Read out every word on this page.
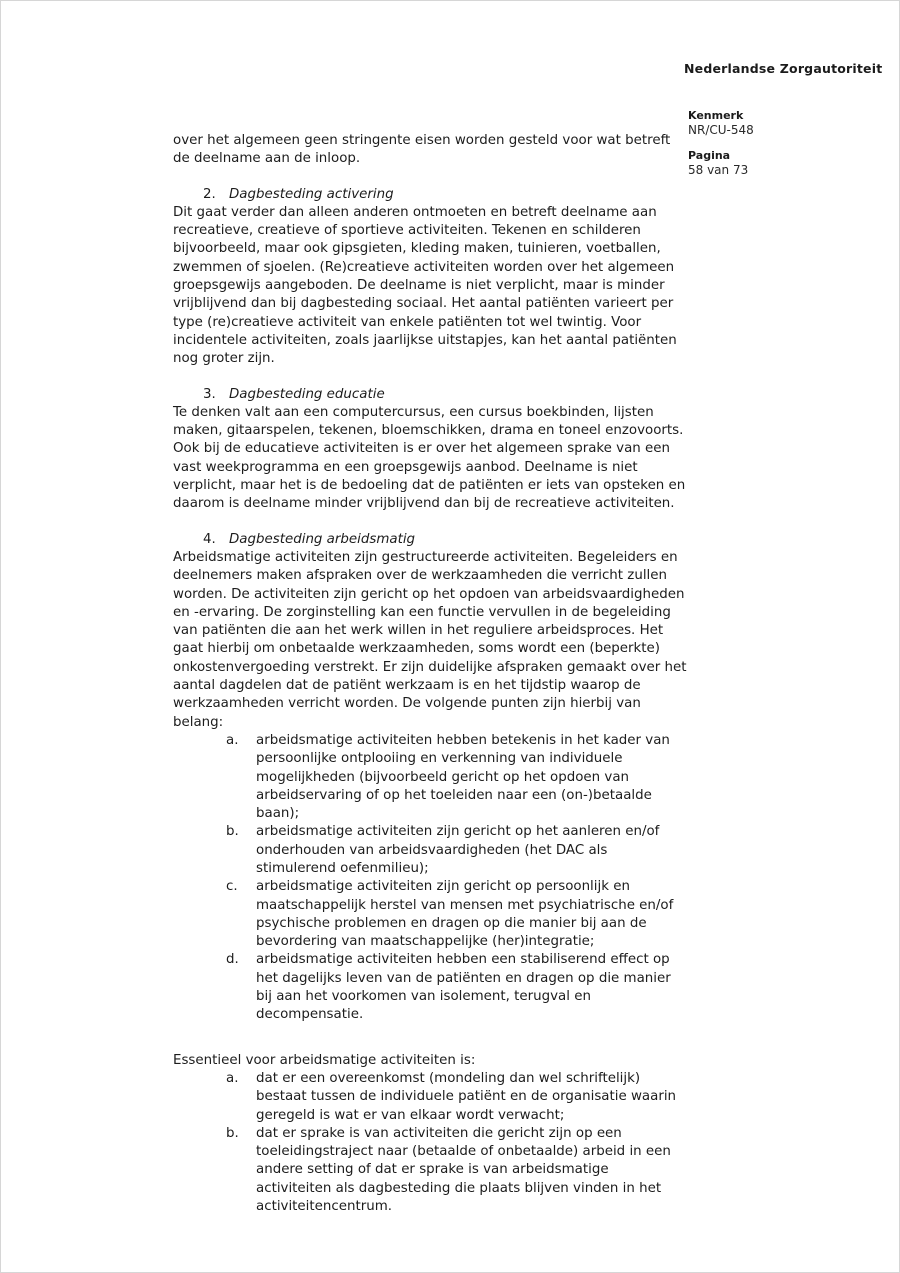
Nederlandse Zorgautoriteit
Kenmerk
NR/CU-548
Pagina
58 van 73

over het algemeen geen stringente eisen worden gesteld voor wat betreft de deelname aan de inloop.

2. Dagbesteding activering

Dit gaat verder dan alleen anderen ontmoeten en betreft deelname aan recreatieve, creatieve of sportieve activiteiten. Tekenen en schilderen bijvoorbeeld, maar ook gipsgieten, kleding maken, tuinieren, voetballen, zwemmen of sjoelen. (Re)creatieve activiteiten worden over het algemeen groepsgewijs aangeboden. De deelname is niet verplicht, maar is minder vrijblijvend dan bij dagbesteding sociaal. Het aantal patiënten varieert per type (re)creatieve activiteit van enkele patiënten tot wel twintig. Voor incidentele activiteiten, zoals jaarlijkse uitstapjes, kan het aantal patiënten nog groter zijn.

3. Dagbesteding educatie

Te denken valt aan een computercursus, een cursus boekbinden, lijsten maken, gitaarspelen, tekenen, bloemschikken, drama en toneel enzovoorts. Ook bij de educatieve activiteiten is er over het algemeen sprake van een vast weekprogramma en een groepsgewijs aanbod. Deelname is niet verplicht, maar het is de bedoeling dat de patiënten er iets van opsteken en daarom is deelname minder vrijblijvend dan bij de recreatieve activiteiten.

4. Dagbesteding arbeidsmatig

Arbeidsmatige activiteiten zijn gestructureerde activiteiten. Begeleiders en deelnemers maken afspraken over de werkzaamheden die verricht zullen worden. De activiteiten zijn gericht op het opdoen van arbeidsvaardigheden en -ervaring. De zorginstelling kan een functie vervullen in de begeleiding van patiënten die aan het werk willen in het reguliere arbeidsproces. Het gaat hierbij om onbetaalde werkzaamheden, soms wordt een (beperkte) onkostenvergoeding verstrekt. Er zijn duidelijke afspraken gemaakt over het aantal dagdelen dat de patiënt werkzaam is en het tijdstip waarop de werkzaamheden verricht worden. De volgende punten zijn hierbij van belang:

a.	arbeidsmatige activiteiten hebben betekenis in het kader van persoonlijke ontplooiing en verkenning van individuele mogelijkheden (bijvoorbeeld gericht op het opdoen van arbeidservaring of op het toeleiden naar een (on-)betaalde baan);
b.	arbeidsmatige activiteiten zijn gericht op het aanleren en/of onderhouden van arbeidsvaardigheden (het DAC als stimulerend oefenmilieu);
c.	arbeidsmatige activiteiten zijn gericht op persoonlijk en maatschappelijk herstel van mensen met psychiatrische en/of psychische problemen en dragen op die manier bij aan de bevordering van maatschappelijke (her)integratie;
d.	arbeidsmatige activiteiten hebben een stabiliserend effect op het dagelijks leven van de patiënten en dragen op die manier bij aan het voorkomen van isolement, terugval en decompensatie.

Essentieel voor arbeidsmatige activiteiten is:

a.	dat er een overeenkomst (mondeling dan wel schriftelijk) bestaat tussen de individuele patiënt en de organisatie waarin geregeld is wat er van elkaar wordt verwacht;
b.	dat er sprake is van activiteiten die gericht zijn op een toeleidingstraject naar (betaalde of onbetaalde) arbeid in een andere setting of dat er sprake is van arbeidsmatige activiteiten als dagbesteding die plaats blijven vinden in het activiteitencentrum.
